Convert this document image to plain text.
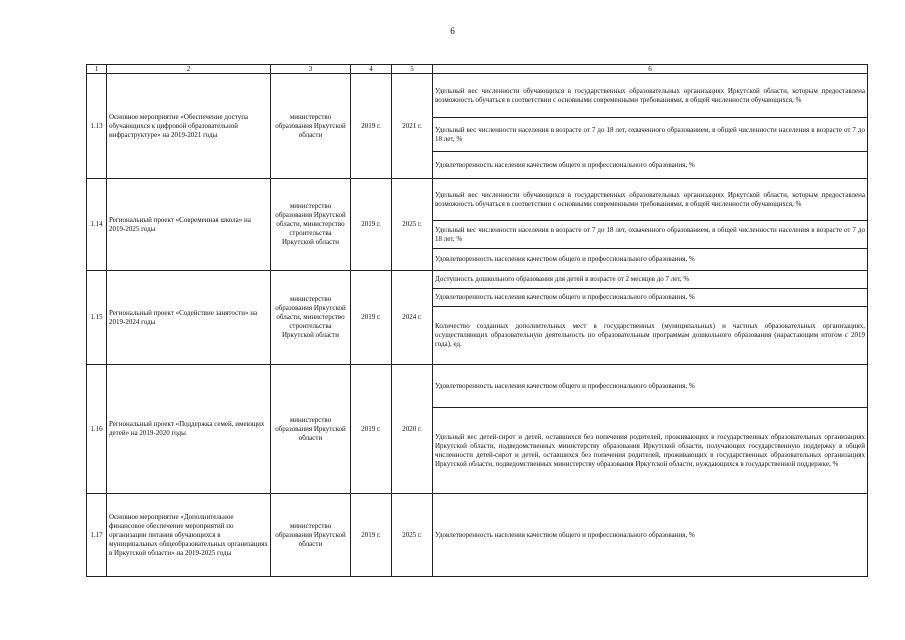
6
1	2	3	4	5	6
1.13	Основное мероприятие «Обеспечение доступа обучающихся к цифровой образовательной инфраструктуре» на 2019-2021 годы	министерство образования Иркутской области	2019 г.	2021 г.	Удельный вес численности обучающихся в государственных образовательных организациях Иркутской области, которым предоставлена возможность обучаться в соответствии с основными современными требованиями, в общей численности обучающихся, %
					Удельный вес численности населения в возрасте от 7 до 18 лет, охваченного образованием, в общей численности населения в возрасте от 7 до 18 лет, %
					Удовлетворенность населения качеством общего и профессионального образования, %
1.14	Региональный проект «Современная школа» на 2019-2025 годы	министерство образования Иркутской области, министерство строительства Иркутской области	2019 г.	2025 г.	Удельный вес численности обучающихся в государственных образовательных организациях Иркутской области, которым предоставлена возможность обучаться в соответствии с основными современными требованиями, в общей численности обучающихся, %
					Удельный вес численности населения в возрасте от 7 до 18 лет, охваченного образованием, в общей численности населения в возрасте от 7 до 18 лет, %
					Удовлетворенность населения качеством общего и профессионального образования, %
1.15	Региональный проект «Содействие занятости» на 2019-2024 годы	министерство образования Иркутской области, министерство строительства Иркутской области	2019 г.	2024 г.	Доступность дошкольного образования для детей в возрасте от 2 месяцев до 7 лет, %
					Удовлетворенность населения качеством общего и профессионального образования, %
					Количество созданных дополнительных мест в государственных (муниципальных) и частных образовательных организациях, осуществляющих образовательную деятельность по образовательным программам дошкольного образования (нарастающим итогом с 2019 года), ед.
1.16	Региональный проект «Поддержка семей, имеющих детей» на 2019-2020 годы	министерство образования Иркутской области	2019 г.	2020 г.	Удовлетворенность населения качеством общего и профессионального образования, %
					Удельный вес детей-сирот и детей, оставшихся без попечения родителей, проживающих в государственных образовательных организациях Иркутской области, подведомственных министерству образования Иркутской области, получающих государственную поддержку в общей численности детей-сирот и детей, оставшихся без попечения родителей, проживающих в государственных образовательных организациях Иркутской области, подведомственных министерству образования Иркутской области, нуждающихся в государственной поддержке, %
1.17	Основное мероприятие «Дополнительное финансовое обеспечение мероприятий по организации питания обучающихся в муниципальных общеобразовательных организациях в Иркутской области» на 2019-2025 годы	министерство образования Иркутской области	2019 г.	2025 г.	Удовлетворенность населения качеством общего и профессионального образования, %
